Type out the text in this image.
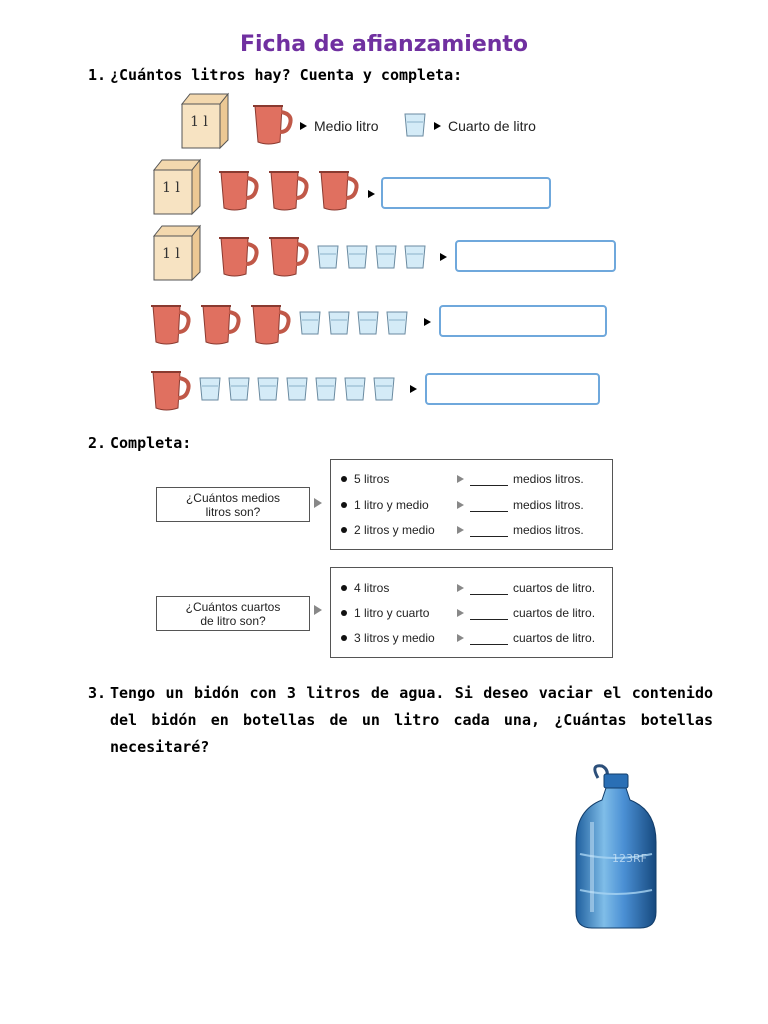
Ficha de afianzamiento
1. ¿Cuántos litros hay? Cuenta y completa:
1 l	Medio litro	Cuarto de litro
1 l
1 l
2. Completa:
¿Cuántos medios litros son?
5 litros	medios litros.
1 litro y medio	medios litros.
2 litros y medio	medios litros.
¿Cuántos cuartos de litro son?
4 litros	cuartos de litro.
1 litro y cuarto	cuartos de litro.
3 litros y medio	cuartos de litro.
3. Tengo un bidón con 3 litros de agua. Si deseo vaciar el contenido del bidón en botellas de un litro cada una, ¿Cuántas botellas necesitaré?
123RF
